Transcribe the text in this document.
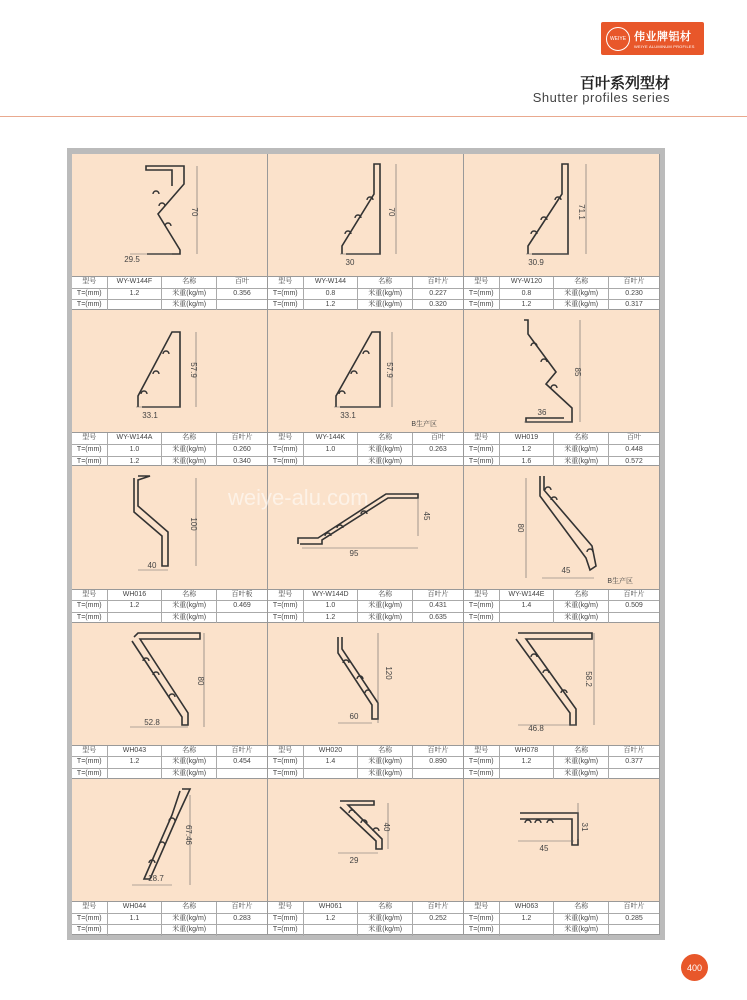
WEIYE 伟业牌铝材
WEIYE ALUMINUM PROFILES
百叶系列型材
Shutter profiles series
70
29.5
型号	WY-W144F	名称	百叶
T=(mm)	1.2	米重(kg/m)	0.356
T=(mm)	米重(kg/m)
70
30
型号	WY-W144	名称	百叶片
T=(mm)	0.8	米重(kg/m)	0.227
T=(mm)	1.2	米重(kg/m)	0.320
71.1
30.9
型号	WY-W120	名称	百叶片
T=(mm)	0.8	米重(kg/m)	0.230
T=(mm)	1.2	米重(kg/m)	0.317
57.9
33.1
型号	WY-W144A	名称	百叶片
T=(mm)	1.0	米重(kg/m)	0.260
T=(mm)	1.2	米重(kg/m)	0.340
57.9
33.1
B生产区
型号	WY-144K	名称	百叶
T=(mm)	1.0	米重(kg/m)	0.263
T=(mm)	米重(kg/m)
85
36
型号	WH019	名称	百叶
T=(mm)	1.2	米重(kg/m)	0.448
T=(mm)	1.6	米重(kg/m)	0.572
100
40
型号	WH016	名称	百叶板
T=(mm)	1.2	米重(kg/m)	0.469
T=(mm)	米重(kg/m)
45
95
型号	WY-W144D	名称	百叶片
T=(mm)	1.0	米重(kg/m)	0.431
T=(mm)	1.2	米重(kg/m)	0.635
80
45
B生产区
型号	WY-W144E	名称	百叶片
T=(mm)	1.4	米重(kg/m)	0.509
T=(mm)	米重(kg/m)
80
52.8
型号	WH043	名称	百叶片
T=(mm)	1.2	米重(kg/m)	0.454
T=(mm)	米重(kg/m)
120
60
型号	WH020	名称	百叶片
T=(mm)	1.4	米重(kg/m)	0.890
T=(mm)	米重(kg/m)
58.2
46.8
型号	WH078	名称	百叶片
T=(mm)	1.2	米重(kg/m)	0.377
T=(mm)	米重(kg/m)
67.46
28.7
型号	WH044	名称	百叶片
T=(mm)	1.1	米重(kg/m)	0.283
T=(mm)	米重(kg/m)
40
29
型号	WH061	名称	百叶片
T=(mm)	1.2	米重(kg/m)	0.252
T=(mm)	米重(kg/m)
31
45
型号	WH063	名称	百叶片
T=(mm)	1.2	米重(kg/m)	0.285
T=(mm)	米重(kg/m)
weiye-alu.com
400
